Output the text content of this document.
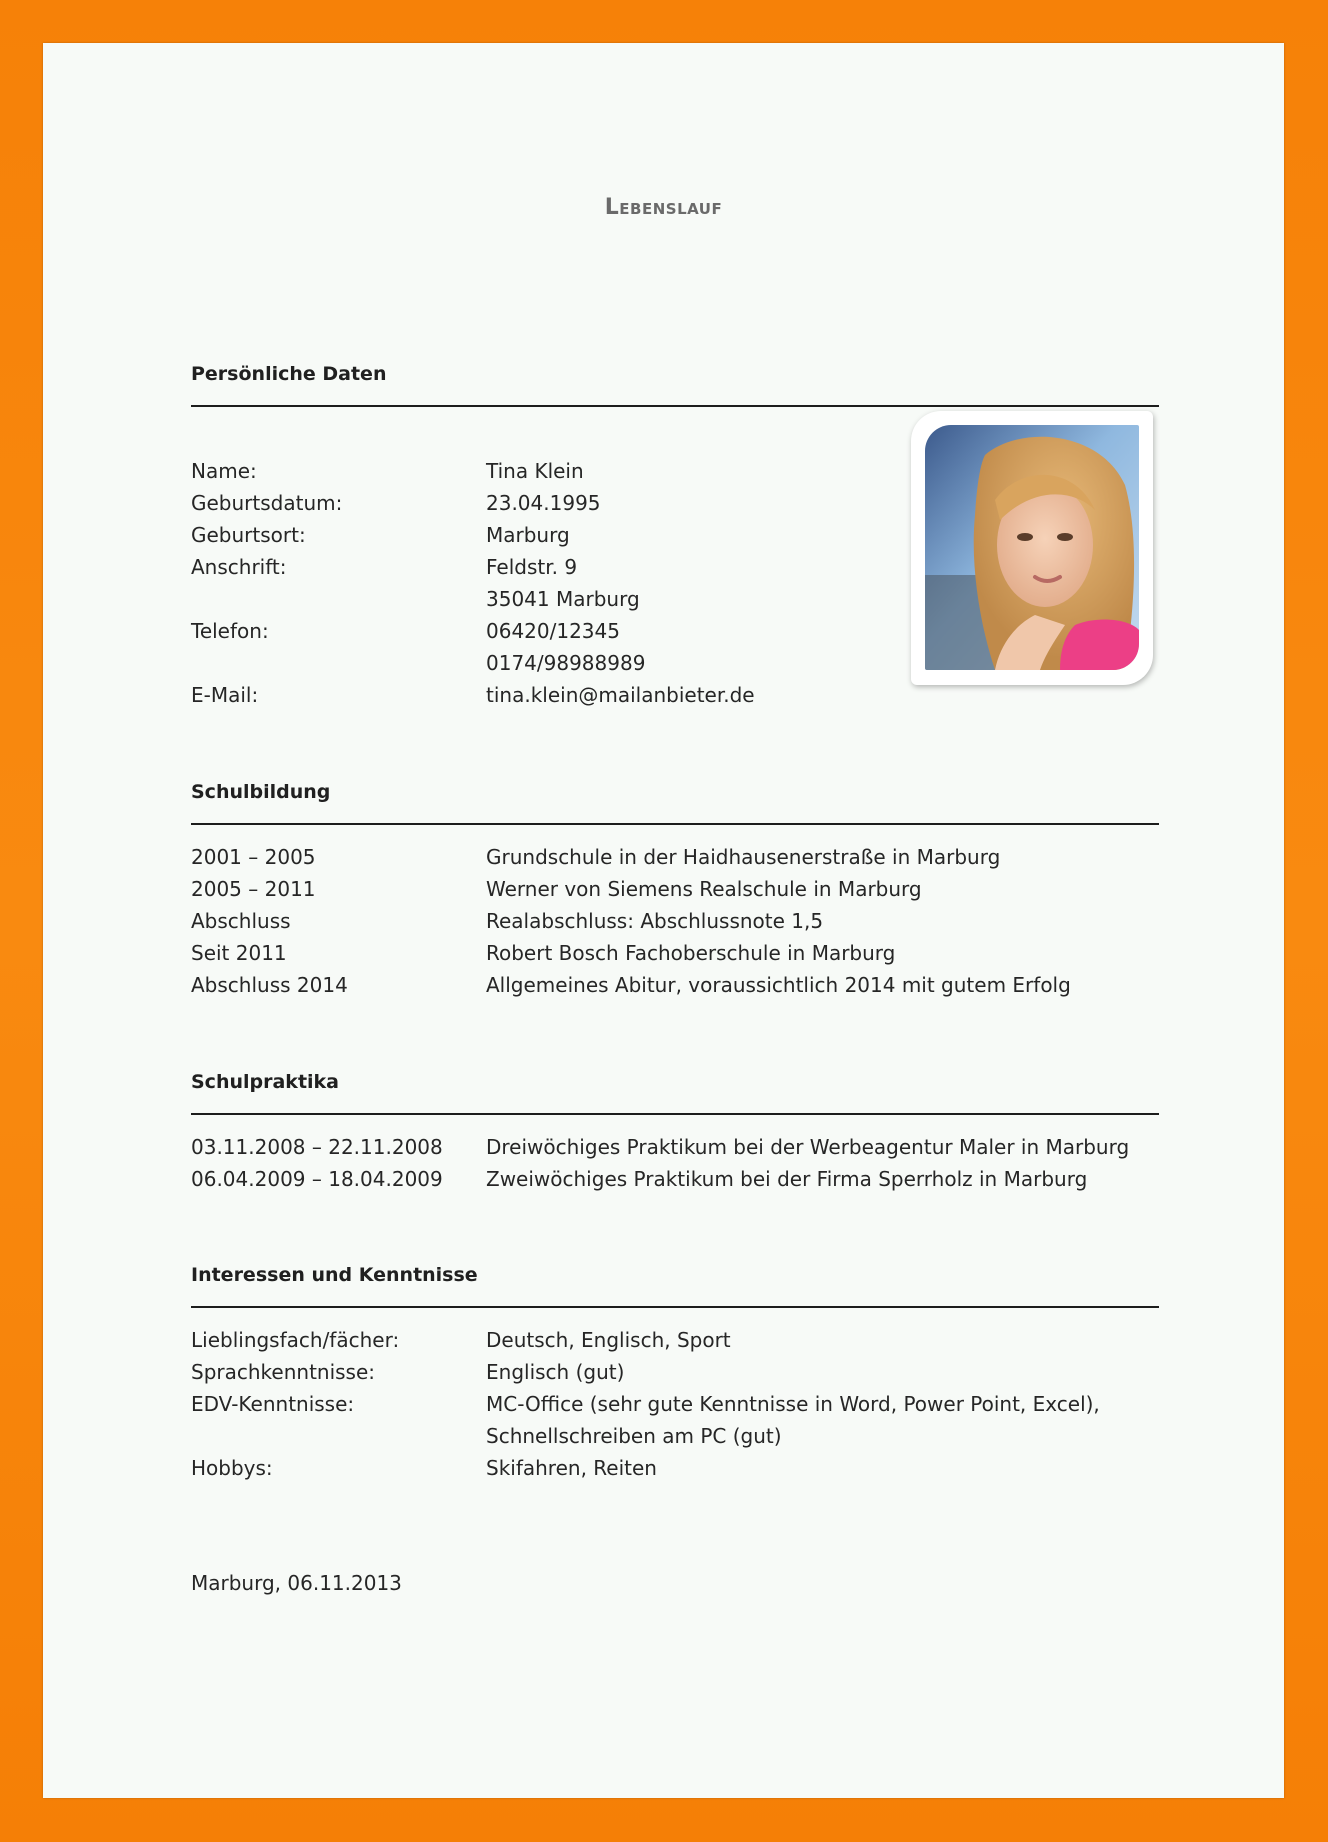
Lebenslauf
Persönliche Daten
Name:	Tina Klein
Geburtsdatum:	23.04.1995
Geburtsort:	Marburg
Anschrift:	Feldstr. 9
35041 Marburg
Telefon:	06420/12345
0174/98988989
E-Mail:	tina.klein@mailanbieter.de
Schulbildung
2001 – 2005	Grundschule in der Haidhausenerstraße in Marburg
2005 – 2011	Werner von Siemens Realschule in Marburg
Abschluss	Realabschluss: Abschlussnote 1,5
Seit 2011	Robert Bosch Fachoberschule in Marburg
Abschluss 2014	Allgemeines Abitur, voraussichtlich 2014 mit gutem Erfolg
Schulpraktika
03.11.2008 – 22.11.2008 Dreiwöchiges Praktikum bei der Werbeagentur Maler in Marburg
06.04.2009 – 18.04.2009 Zweiwöchiges Praktikum bei der Firma Sperrholz in Marburg
Interessen und Kenntnisse
Lieblingsfach/fächer:	Deutsch, Englisch, Sport
Sprachkenntnisse:	Englisch (gut)
EDV-Kenntnisse:	MC-Office (sehr gute Kenntnisse in Word, Power Point, Excel),
Schnellschreiben am PC (gut)
Hobbys:	Skifahren, Reiten
Marburg, 06.11.2013
